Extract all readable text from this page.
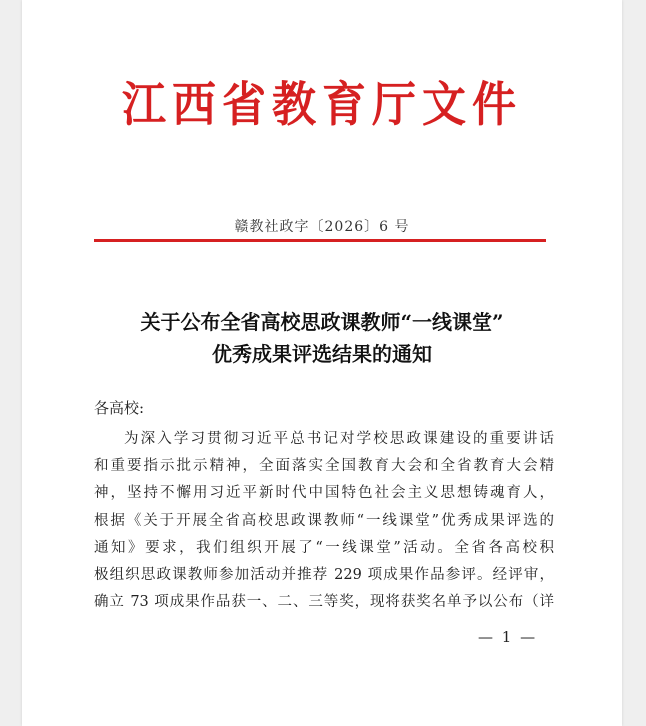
江西省教育厅文件
赣教社政字〔2026〕6 号
关于公布全省高校思政课教师“一线课堂”
优秀成果评选结果的通知
各高校:
为深入学习贯彻习近平总书记对学校思政课建设的重要讲话
和重要指示批示精神，全面落实全国教育大会和全省教育大会精
神，坚持不懈用习近平新时代中国特色社会主义思想铸魂育人，
根据《关于开展全省高校思政课教师“一线课堂”优秀成果评选的
通知》要求，我们组织开展了“一线课堂”活动。全省各高校积
极组织思政课教师参加活动并推荐 229 项成果作品参评。经评审，
确立 73 项成果作品获一、二、三等奖，现将获奖名单予以公布（详
— 1 —
